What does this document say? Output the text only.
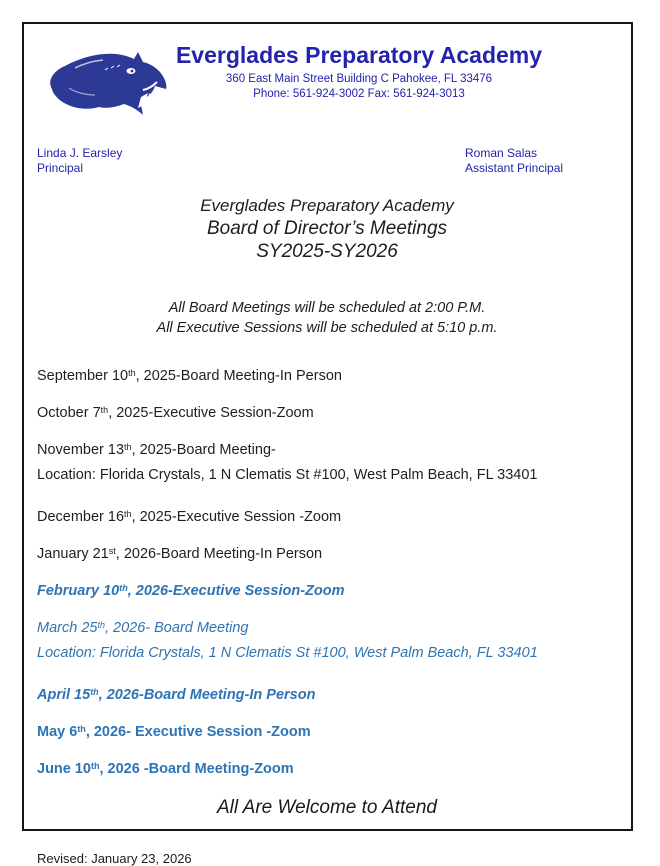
Everglades Preparatory Academy
360 East Main Street Building C Pahokee, FL 33476
Phone: 561-924-3002 Fax: 561-924-3013
Linda J. Earsley
Principal
Roman Salas
Assistant Principal
Everglades Preparatory Academy
Board of Director’s Meetings
SY2025-SY2026
All Board Meetings will be scheduled at 2:00 P.M.
All Executive Sessions will be scheduled at 5:10 p.m.

September 10th, 2025-Board Meeting-In Person

October 7th, 2025-Executive Session-Zoom

November 13th, 2025-Board Meeting-
Location: Florida Crystals, 1 N Clematis St #100, West Palm Beach, FL 33401

December 16th, 2025-Executive Session -Zoom

January 21st, 2026-Board Meeting-In Person

February 10th, 2026-Executive Session-Zoom

March 25th, 2026- Board Meeting
Location: Florida Crystals, 1 N Clematis St #100, West Palm Beach, FL 33401

April 15th, 2026-Board Meeting-In Person

May 6th, 2026- Executive Session -Zoom

June 10th, 2026 -Board Meeting-Zoom

All Are Welcome to Attend
Revised: January 23, 2026
